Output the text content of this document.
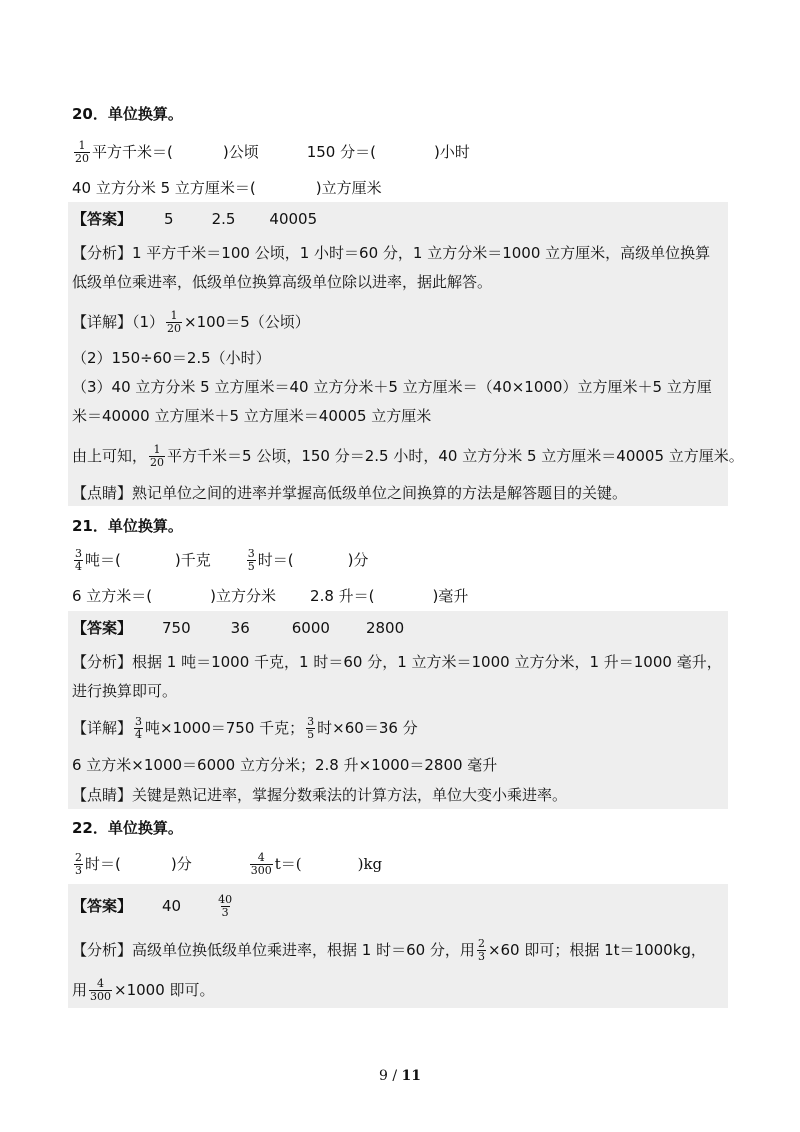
20．单位换算。
$\frac{1}{20}$ 平方千米＝(	)公顷	150 分＝(	)小时
40 立方分米 5 立方厘米＝(	)立方厘米
【答案】 5	2.5 40005
【分析】1 平方千米＝100 公顷，1 小时＝60 分，1 立方分米＝1000 立方厘米，高级单位换算
低级单位乘进率，低级单位换算高级单位除以进率，据此解答。
【详解】$(1) \frac{1}{20} \times 100=5$（公顷）
（2）150÷60＝2.5（小时）
（3）40 立方分米 5 立方厘米＝40 立方分米＋5 立方厘米＝（40×1000）立方厘米＋5 立方厘
米＝40000 立方厘米＋5 立方厘米＝40005 立方厘米
由上可知， $\frac{1}{20}$ 平方千米＝5 公顷，150 分＝2.5 小时，40 立方分米 5 立方厘米＝40005 立方厘米。
【点睛】熟记单位之间的进率并掌握高低级单位之间换算的方法是解答题目的关键。
21．单位换算。
$\frac{3}{4}$ 吨＝(	)千克	$\frac{3}{5}$ 时＝(	)分
6 立方米＝(	)立方分米 2.8 升＝(	)毫升
【答案】 750	36	6000 2800
【分析】根据 1 吨＝1000 千克，1 时＝60 分，1 立方米＝1000 立方分米，1 升＝1000 毫升，
进行换算即可。
【详解】 $\frac{3}{4}$ 吨×1000＝750 千克； $\frac{3}{5}$ 时×60＝36 分
6 立方米×1000＝6000 立方分米；2.8 升×1000＝2800 毫升
【点睛】关键是熟记进率，掌握分数乘法的计算方法，单位大变小乘进率。
22．单位换算。
$\frac{2}{3}$ 时＝(	)分	$\frac{4}{300} t=$(	)kg
【答案】 40	$\frac{40}{3}$
【分析】高级单位换低级单位乘进率，根据 1 时＝60 分，用 $\frac{2}{3} \times 60$ 即可；根据 1t＝1000kg，
用 $\frac{4}{300} \times 1000$ 即可。
9 / 11
